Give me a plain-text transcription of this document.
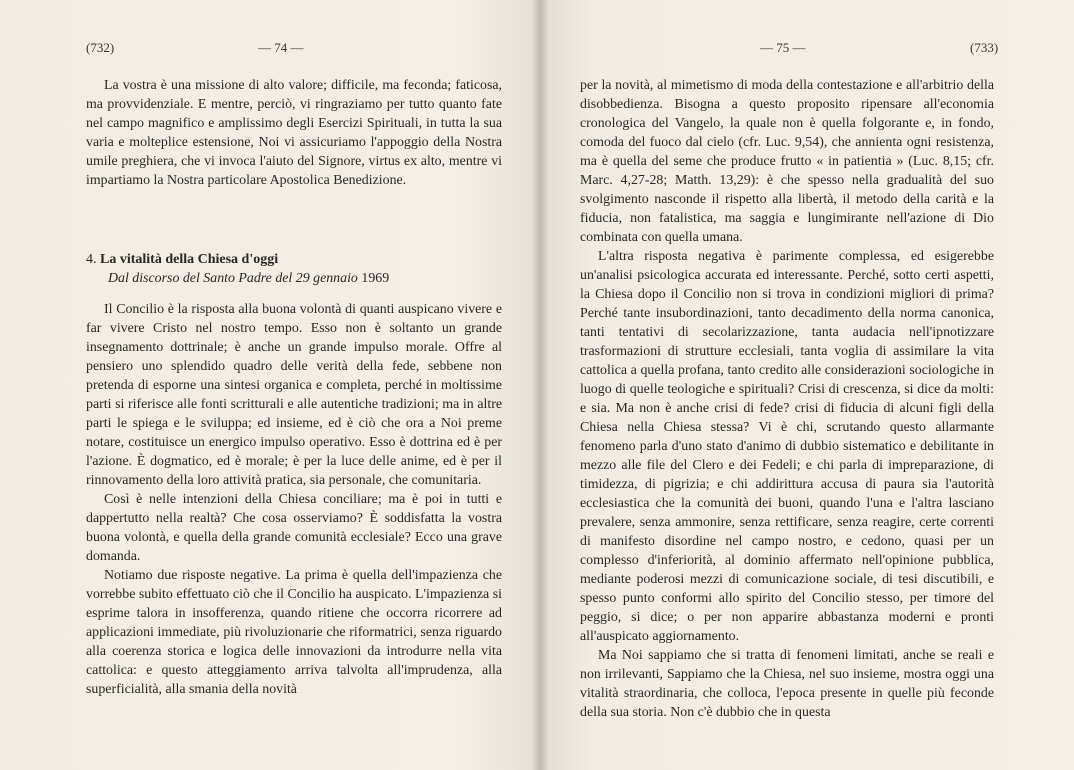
(732)	— 74 —

La vostra è una missione di alto valore; difficile, ma feconda; faticosa, ma provvidenziale. E mentre, perciò, vi ringraziamo per tutto quanto fate nel campo magnifico e amplissimo degli Esercizi Spirituali, in tutta la sua varia e molteplice estensione, Noi vi assicuriamo l'appoggio della Nostra umile preghiera, che vi invoca l'aiuto del Signore, virtus ex alto, mentre vi impartiamo la Nostra particolare Apostolica Benedizione.

4. La vitalità della Chiesa d'oggi
Dal discorso del Santo Padre del 29 gennaio 1969

Il Concilio è la risposta alla buona volontà di quanti auspicano vivere e far vivere Cristo nel nostro tempo. Esso non è soltanto un grande insegnamento dottrinale; è anche un grande impulso morale. Offre al pensiero uno splendido quadro delle verità della fede, sebbene non pretenda di esporne una sintesi organica e completa, perché in moltissime parti si riferisce alle fonti scritturali e alle autentiche tradizioni; ma in altre parti le spiega e le sviluppa; ed insieme, ed è ciò che ora a Noi preme notare, costituisce un energico impulso operativo. Esso è dottrina ed è per l'azione. È dogmatico, ed è morale; è per la luce delle anime, ed è per il rinnovamento della loro attività pratica, sia personale, che comunitaria.

Così è nelle intenzioni della Chiesa conciliare; ma è poi in tutti e dappertutto nella realtà? Che cosa osserviamo? È soddisfatta la vostra buona volontà, e quella della grande comunità ecclesiale? Ecco una grave domanda.

Notiamo due risposte negative. La prima è quella dell'impazienza che vorrebbe subito effettuato ciò che il Concilio ha auspicato. L'impazienza si esprime talora in insofferenza, quando ritiene che occorra ricorrere ad applicazioni immediate, più rivoluzionarie che riformatrici, senza riguardo alla coerenza storica e logica delle innovazioni da introdurre nella vita cattolica: e questo atteggiamento arriva talvolta all'imprudenza, alla superficialità, alla smania della novità

— 75 —	(733)

per la novità, al mimetismo di moda della contestazione e all'arbitrio della disobbedienza. Bisogna a questo proposito ripensare all'economia cronologica del Vangelo, la quale non è quella folgorante e, in fondo, comoda del fuoco dal cielo (cfr. Luc. 9,54), che annienta ogni resistenza, ma è quella del seme che produce frutto « in patientia » (Luc. 8,15; cfr. Marc. 4,27-28; Matth. 13,29): è che spesso nella gradualità del suo svolgimento nasconde il rispetto alla libertà, il metodo della carità e la fiducia, non fatalistica, ma saggia e lungimirante nell'azione di Dio combinata con quella umana.

L'altra risposta negativa è parimente complessa, ed esigerebbe un'analisi psicologica accurata ed interessante. Perché, sotto certi aspetti, la Chiesa dopo il Concilio non si trova in condizioni migliori di prima? Perché tante insubordinazioni, tanto decadimento della norma canonica, tanti tentativi di secolarizzazione, tanta audacia nell'ipnotizzare trasformazioni di strutture ecclesiali, tanta voglia di assimilare la vita cattolica a quella profana, tanto credito alle considerazioni sociologiche in luogo di quelle teologiche e spirituali? Crisi di crescenza, si dice da molti: e sia. Ma non è anche crisi di fede? crisi di fiducia di alcuni figli della Chiesa nella Chiesa stessa? Vi è chi, scrutando questo allarmante fenomeno parla d'uno stato d'animo di dubbio sistematico e debilitante in mezzo alle file del Clero e dei Fedeli; e chi parla di impreparazione, di timidezza, di pigrizia; e chi addirittura accusa di paura sia l'autorità ecclesiastica che la comunità dei buoni, quando l'una e l'altra lasciano prevalere, senza ammonire, senza rettificare, senza reagire, certe correnti di manifesto disordine nel campo nostro, e cedono, quasi per un complesso d'inferiorità, al dominio affermato nell'opinione pubblica, mediante poderosi mezzi di comunicazione sociale, di tesi discutibili, e spesso punto conformi allo spirito del Concilio stesso, per timore del peggio, si dice; o per non apparire abbastanza moderni e pronti all'auspicato aggiornamento.

Ma Noi sappiamo che si tratta di fenomeni limitati, anche se reali e non irrilevanti, Sappiamo che la Chiesa, nel suo insieme, mostra oggi una vitalità straordinaria, che colloca, l'epoca presente in quelle più feconde della sua storia. Non c'è dubbio che in questa
